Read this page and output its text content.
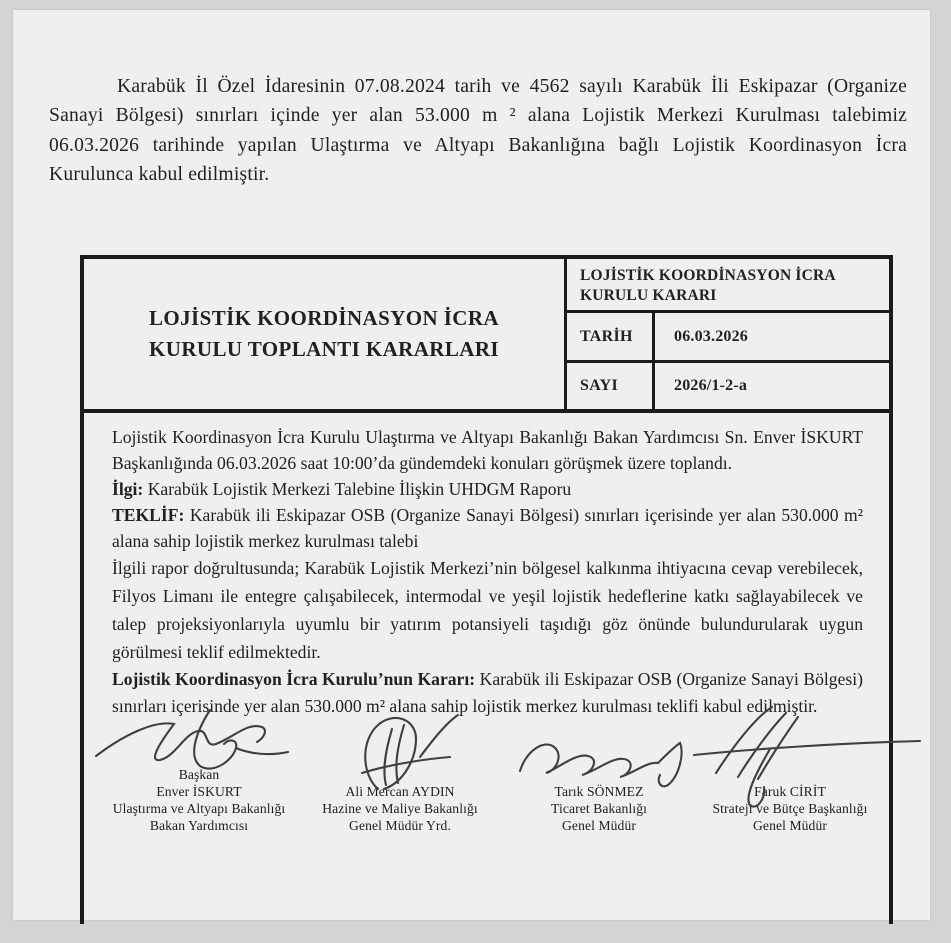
Karabük İl Özel İdaresinin 07.08.2024 tarih ve 4562 sayılı Karabük İli Eskipazar (Organize Sanayi Bölgesi) sınırları içinde yer alan 53.000 m ² alana Lojistik Merkezi Kurulması talebimiz 06.03.2026 tarihinde yapılan Ulaştırma ve Altyapı Bakanlığına bağlı Lojistik Koordinasyon İcra Kurulunca kabul edilmiştir.

LOJİSTİK KOORDİNASYON İCRA KURULU TOPLANTI KARARLARI
LOJİSTİK KOORDİNASYON İCRA KURULU KARARI
TARİH	06.03.2026
SAYI	2026/1-2-a

Lojistik Koordinasyon İcra Kurulu Ulaştırma ve Altyapı Bakanlığı Bakan Yardımcısı Sn. Enver İSKURT Başkanlığında 06.03.2026 saat 10:00’da gündemdeki konuları görüşmek üzere toplandı.

İlgi: Karabük Lojistik Merkezi Talebine İlişkin UHDGM Raporu

TEKLİF: Karabük ili Eskipazar OSB (Organize Sanayi Bölgesi) sınırları içerisinde yer alan 530.000 m² alana sahip lojistik merkez kurulması talebi

İlgili rapor doğrultusunda; Karabük Lojistik Merkezi’nin bölgesel kalkınma ihtiyacına cevap verebilecek, Filyos Limanı ile entegre çalışabilecek, intermodal ve yeşil lojistik hedeflerine katkı sağlayabilecek ve talep projeksiyonlarıyla uyumlu bir yatırım potansiyeli taşıdığı göz önünde bulundurularak uygun görülmesi teklif edilmektedir.

Lojistik Koordinasyon İcra Kurulu’nun Kararı: Karabük ili Eskipazar OSB (Organize Sanayi Bölgesi) sınırları içerisinde yer alan 530.000 m² alana sahip lojistik merkez kurulması teklifi kabul edilmiştir.

Başkan
Enver İSKURT
Ulaştırma ve Altyapı Bakanlığı
Bakan Yardımcısı
Ali Mercan AYDIN
Hazine ve Maliye Bakanlığı
Genel Müdür Yrd.
Tarık SÖNMEZ
Ticaret Bakanlığı
Genel Müdür
Faruk CİRİT
Strateji ve Bütçe Başkanlığı
Genel Müdür
